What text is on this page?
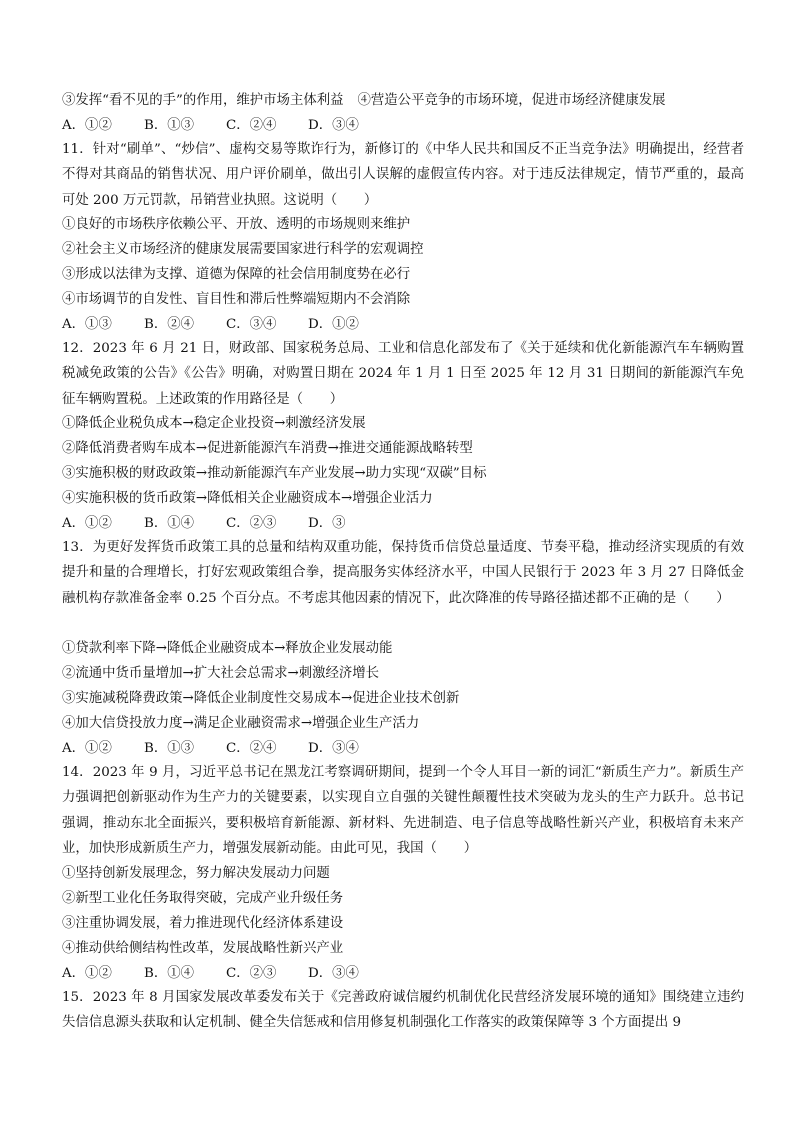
③发挥“看不见的手”的作用，维护市场主体利益 ④营造公平竞争的市场环境，促进市场经济健康发展
A．①② B．①③ C．②④ D．③④
11．针对“刷单”、“炒信”、虚构交易等欺诈行为，新修订的《中华人民共和国反不正当竞争法》明确提出，经营者不得对其商品的销售状况、用户评价刷单，做出引人误解的虚假宣传内容。对于违反法律规定，情节严重的，最高可处 200 万元罚款，吊销营业执照。这说明（　　）
①良好的市场秩序依赖公平、开放、透明的市场规则来维护
②社会主义市场经济的健康发展需要国家进行科学的宏观调控
③形成以法律为支撑、道德为保障的社会信用制度势在必行
④市场调节的自发性、盲目性和滞后性弊端短期内不会消除
A．①③ B．②④ C．③④ D．①②
12．2023 年 6 月 21 日，财政部、国家税务总局、工业和信息化部发布了《关于延续和优化新能源汽车车辆购置税减免政策的公告》《公告》明确，对购置日期在 2024 年 1 月 1 日至 2025 年 12 月 31 日期间的新能源汽车免征车辆购置税。上述政策的作用路径是（　　）
①降低企业税负成本→稳定企业投资→刺激经济发展
②降低消费者购车成本→促进新能源汽车消费→推进交通能源战略转型
③实施积极的财政政策→推动新能源汽车产业发展→助力实现“双碳”目标
④实施积极的货币政策→降低相关企业融资成本→增强企业活力
A．①② B．①④ C．②③ D．③
13．为更好发挥货币政策工具的总量和结构双重功能，保持货币信贷总量适度、节奏平稳，推动经济实现质的有效提升和量的合理增长，打好宏观政策组合拳，提高服务实体经济水平，中国人民银行于 2023 年 3 月 27 日降低金融机构存款准备金率 0.25 个百分点。不考虑其他因素的情况下，此次降准的传导路径描述都不正确的是（　　）
①贷款利率下降→降低企业融资成本→释放企业发展动能
②流通中货币量增加→扩大社会总需求→刺激经济增长
③实施减税降费政策→降低企业制度性交易成本→促进企业技术创新
④加大信贷投放力度→满足企业融资需求→增强企业生产活力
A．①② B．①③ C．②④ D．③④
14．2023 年 9 月，习近平总书记在黑龙江考察调研期间，提到一个令人耳目一新的词汇“新质生产力”。新质生产力强调把创新驱动作为生产力的关键要素，以实现自立自强的关键性颠覆性技术突破为龙头的生产力跃升。总书记强调，推动东北全面振兴，要积极培育新能源、新材料、先进制造、电子信息等战略性新兴产业，积极培育未来产业，加快形成新质生产力，增强发展新动能。由此可见，我国（　　）
①坚持创新发展理念，努力解决发展动力问题
②新型工业化任务取得突破，完成产业升级任务
③注重协调发展，着力推进现代化经济体系建设
④推动供给侧结构性改革，发展战略性新兴产业
A．①② B．①④ C．②③ D．③④
15．2023 年 8 月国家发展改革委发布关于《完善政府诚信履约机制优化民营经济发展环境的通知》围绕建立违约失信信息源头获取和认定机制、健全失信惩戒和信用修复机制强化工作落实的政策保障等 3 个方面提出 9
